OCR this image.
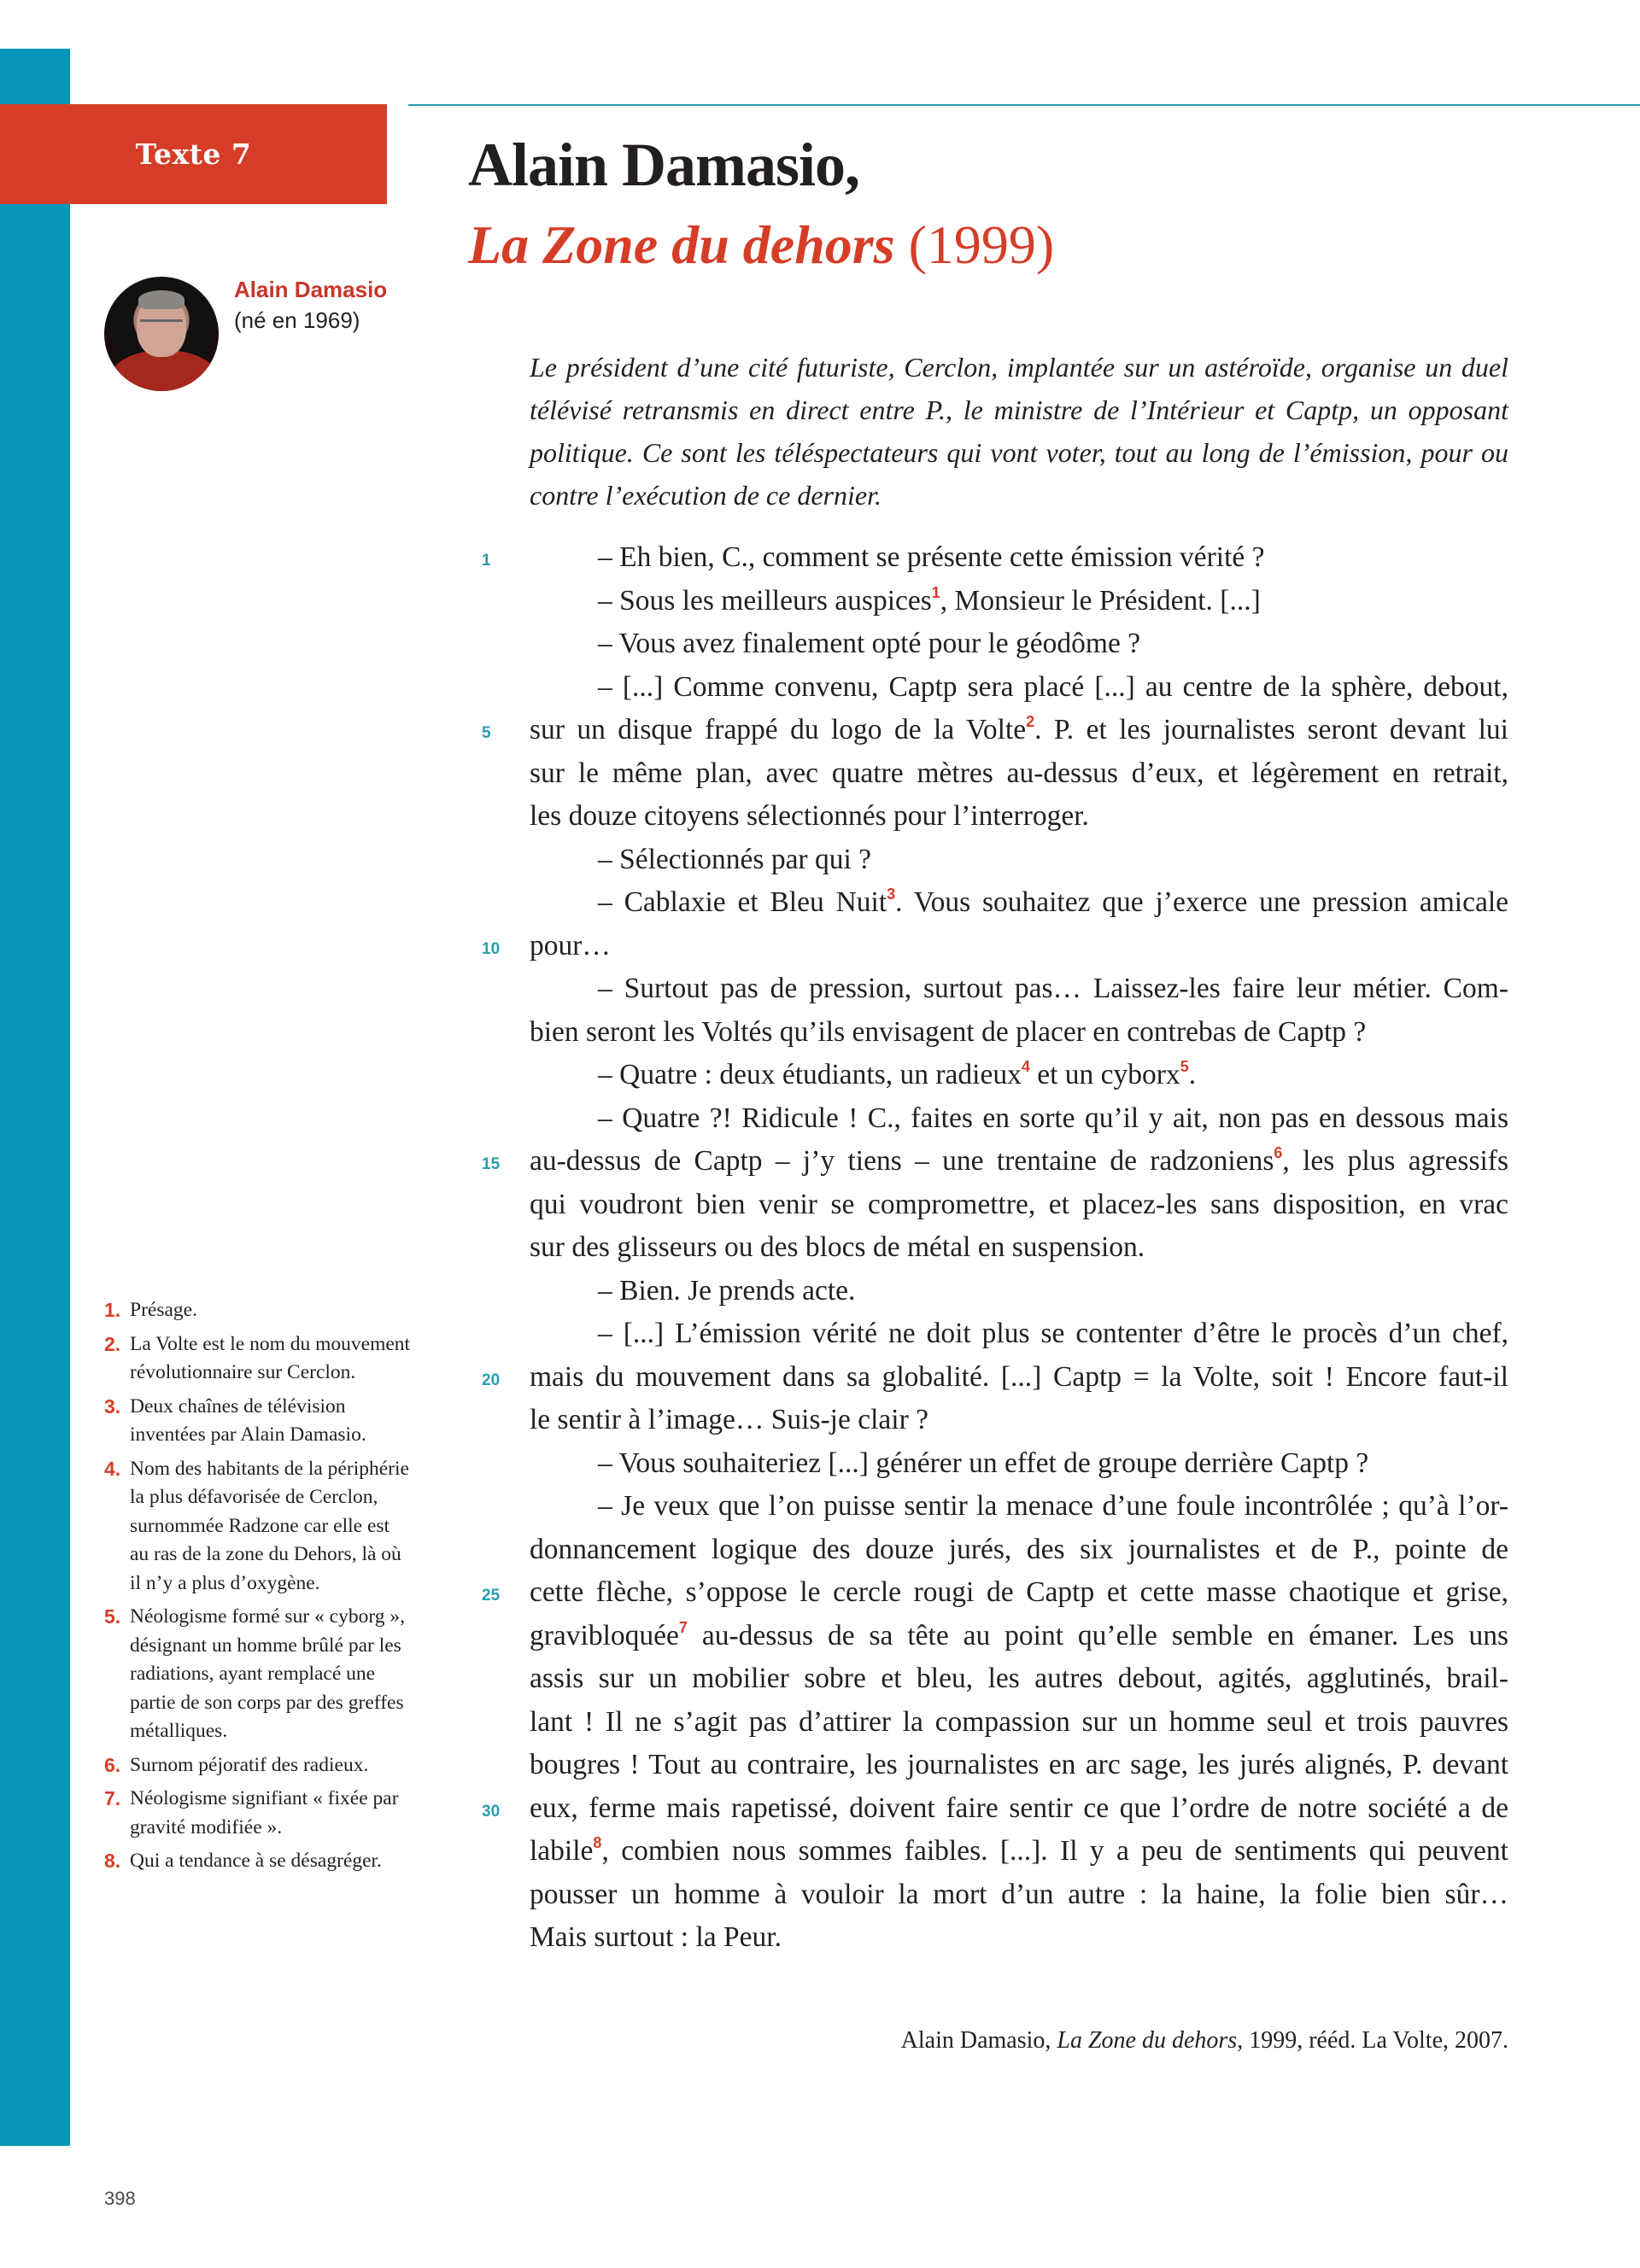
Texte 7
Alain Damasio
(né en 1969)
Alain Damasio,
La Zone du dehors (1999)

Le président d’une cité futuriste, Cerclon, implantée sur un astéroïde, organise un duel télévisé retransmis en direct entre P., le ministre de l’Intérieur et Captp, un opposant politique. Ce sont les téléspectateurs qui vont voter, tout au long de l’émission, pour ou contre l’exécution de ce dernier.

1	– Eh bien, C., comment se présente cette émission vérité ?
– Sous les meilleurs auspices$^1$, Monsieur le Président. [...]
– Vous avez finalement opté pour le géodôme ?
– [...] Comme convenu, Captp sera placé [...] au centre de la sphère, debout,
5	sur un disque frappé du logo de la Volte$^2$. P. et les journalistes seront devant lui
sur le même plan, avec quatre mètres au-dessus d’eux, et légèrement en retrait,
les douze citoyens sélectionnés pour l’interroger.
– Sélectionnés par qui ?
– Cablaxie et Bleu Nuit$^3$. Vous souhaitez que j’exerce une pression amicale
10	pour…
– Surtout pas de pression, surtout pas… Laissez-les faire leur métier. Com-
bien seront les Voltés qu’ils envisagent de placer en contrebas de Captp ?
– Quatre : deux étudiants, un radieux$^4$ et un cyborx$^5$.
– Quatre ?! Ridicule ! C., faites en sorte qu’il y ait, non pas en dessous mais
15	au-dessus de Captp – j’y tiens – une trentaine de radzoniens$^6$, les plus agressifs
qui voudront bien venir se compromettre, et placez-les sans disposition, en vrac
sur des glisseurs ou des blocs de métal en suspension.
– Bien. Je prends acte.
– [...] L’émission vérité ne doit plus se contenter d’être le procès d’un chef,
20	mais du mouvement dans sa globalité. [...] Captp = la Volte, soit ! Encore faut-il
le sentir à l’image… Suis-je clair ?
– Vous souhaiteriez [...] générer un effet de groupe derrière Captp ?
– Je veux que l’on puisse sentir la menace d’une foule incontrôlée ; qu’à l’or-
donnancement logique des douze jurés, des six journalistes et de P., pointe de
25	cette flèche, s’oppose le cercle rougi de Captp et cette masse chaotique et grise,
gravibloquée$^7$ au-dessus de sa tête au point qu’elle semble en émaner. Les uns
assis sur un mobilier sobre et bleu, les autres debout, agités, agglutinés, brail-
lant ! Il ne s’agit pas d’attirer la compassion sur un homme seul et trois pauvres
bougres ! Tout au contraire, les journalistes en arc sage, les jurés alignés, P. devant
30	eux, ferme mais rapetissé, doivent faire sentir ce que l’ordre de notre société a de
labile$^8$, combien nous sommes faibles. [...]. Il y a peu de sentiments qui peuvent
pousser un homme à vouloir la mort d’un autre : la haine, la folie bien sûr…
Mais surtout : la Peur.
Alain Damasio, La Zone du dehors, 1999, rééd. La Volte, 2007.
1. Présage.
2. La Volte est le nom du mouvement révolutionnaire sur Cerclon.
3. Deux chaînes de télévision inventées par Alain Damasio.
4. Nom des habitants de la périphérie la plus défavorisée de Cerclon, surnommée Radzone car elle est au ras de la zone du Dehors, là où il n’y a plus d’oxygène.
5. Néologisme formé sur « cyborg », désignant un homme brûlé par les radiations, ayant remplacé une partie de son corps par des greffes métalliques.
6. Surnom péjoratif des radieux.
7. Néologisme signifiant « fixée par gravité modifiée ».
8. Qui a tendance à se désagréger.
398
